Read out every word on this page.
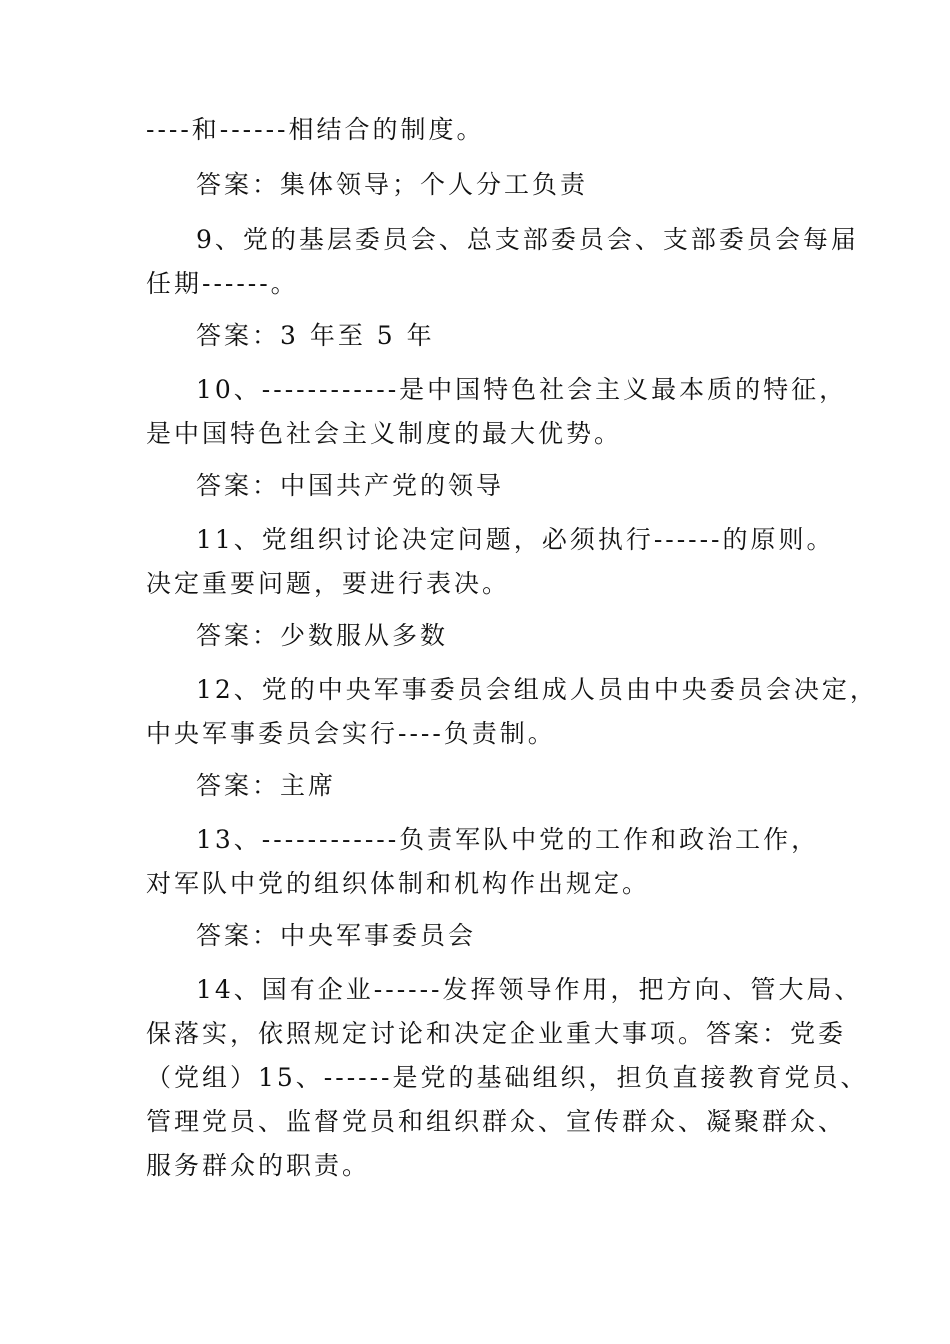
----和------相结合的制度。
答案：集体领导；个人分工负责
9、党的基层委员会、总支部委员会、支部委员会每届
任期------。
答案：3 年至 5 年
10、------------是中国特色社会主义最本质的特征，
是中国特色社会主义制度的最大优势。
答案：中国共产党的领导
11、党组织讨论决定问题，必须执行------的原则。
决定重要问题，要进行表决。
答案：少数服从多数
12、党的中央军事委员会组成人员由中央委员会决定，
中央军事委员会实行----负责制。
答案：主席
13、------------负责军队中党的工作和政治工作，
对军队中党的组织体制和机构作出规定。
答案：中央军事委员会
14、国有企业------发挥领导作用，把方向、管大局、
保落实，依照规定讨论和决定企业重大事项。答案：党委
（党组）15、------是党的基础组织，担负直接教育党员、
管理党员、监督党员和组织群众、宣传群众、凝聚群众、
服务群众的职责。
